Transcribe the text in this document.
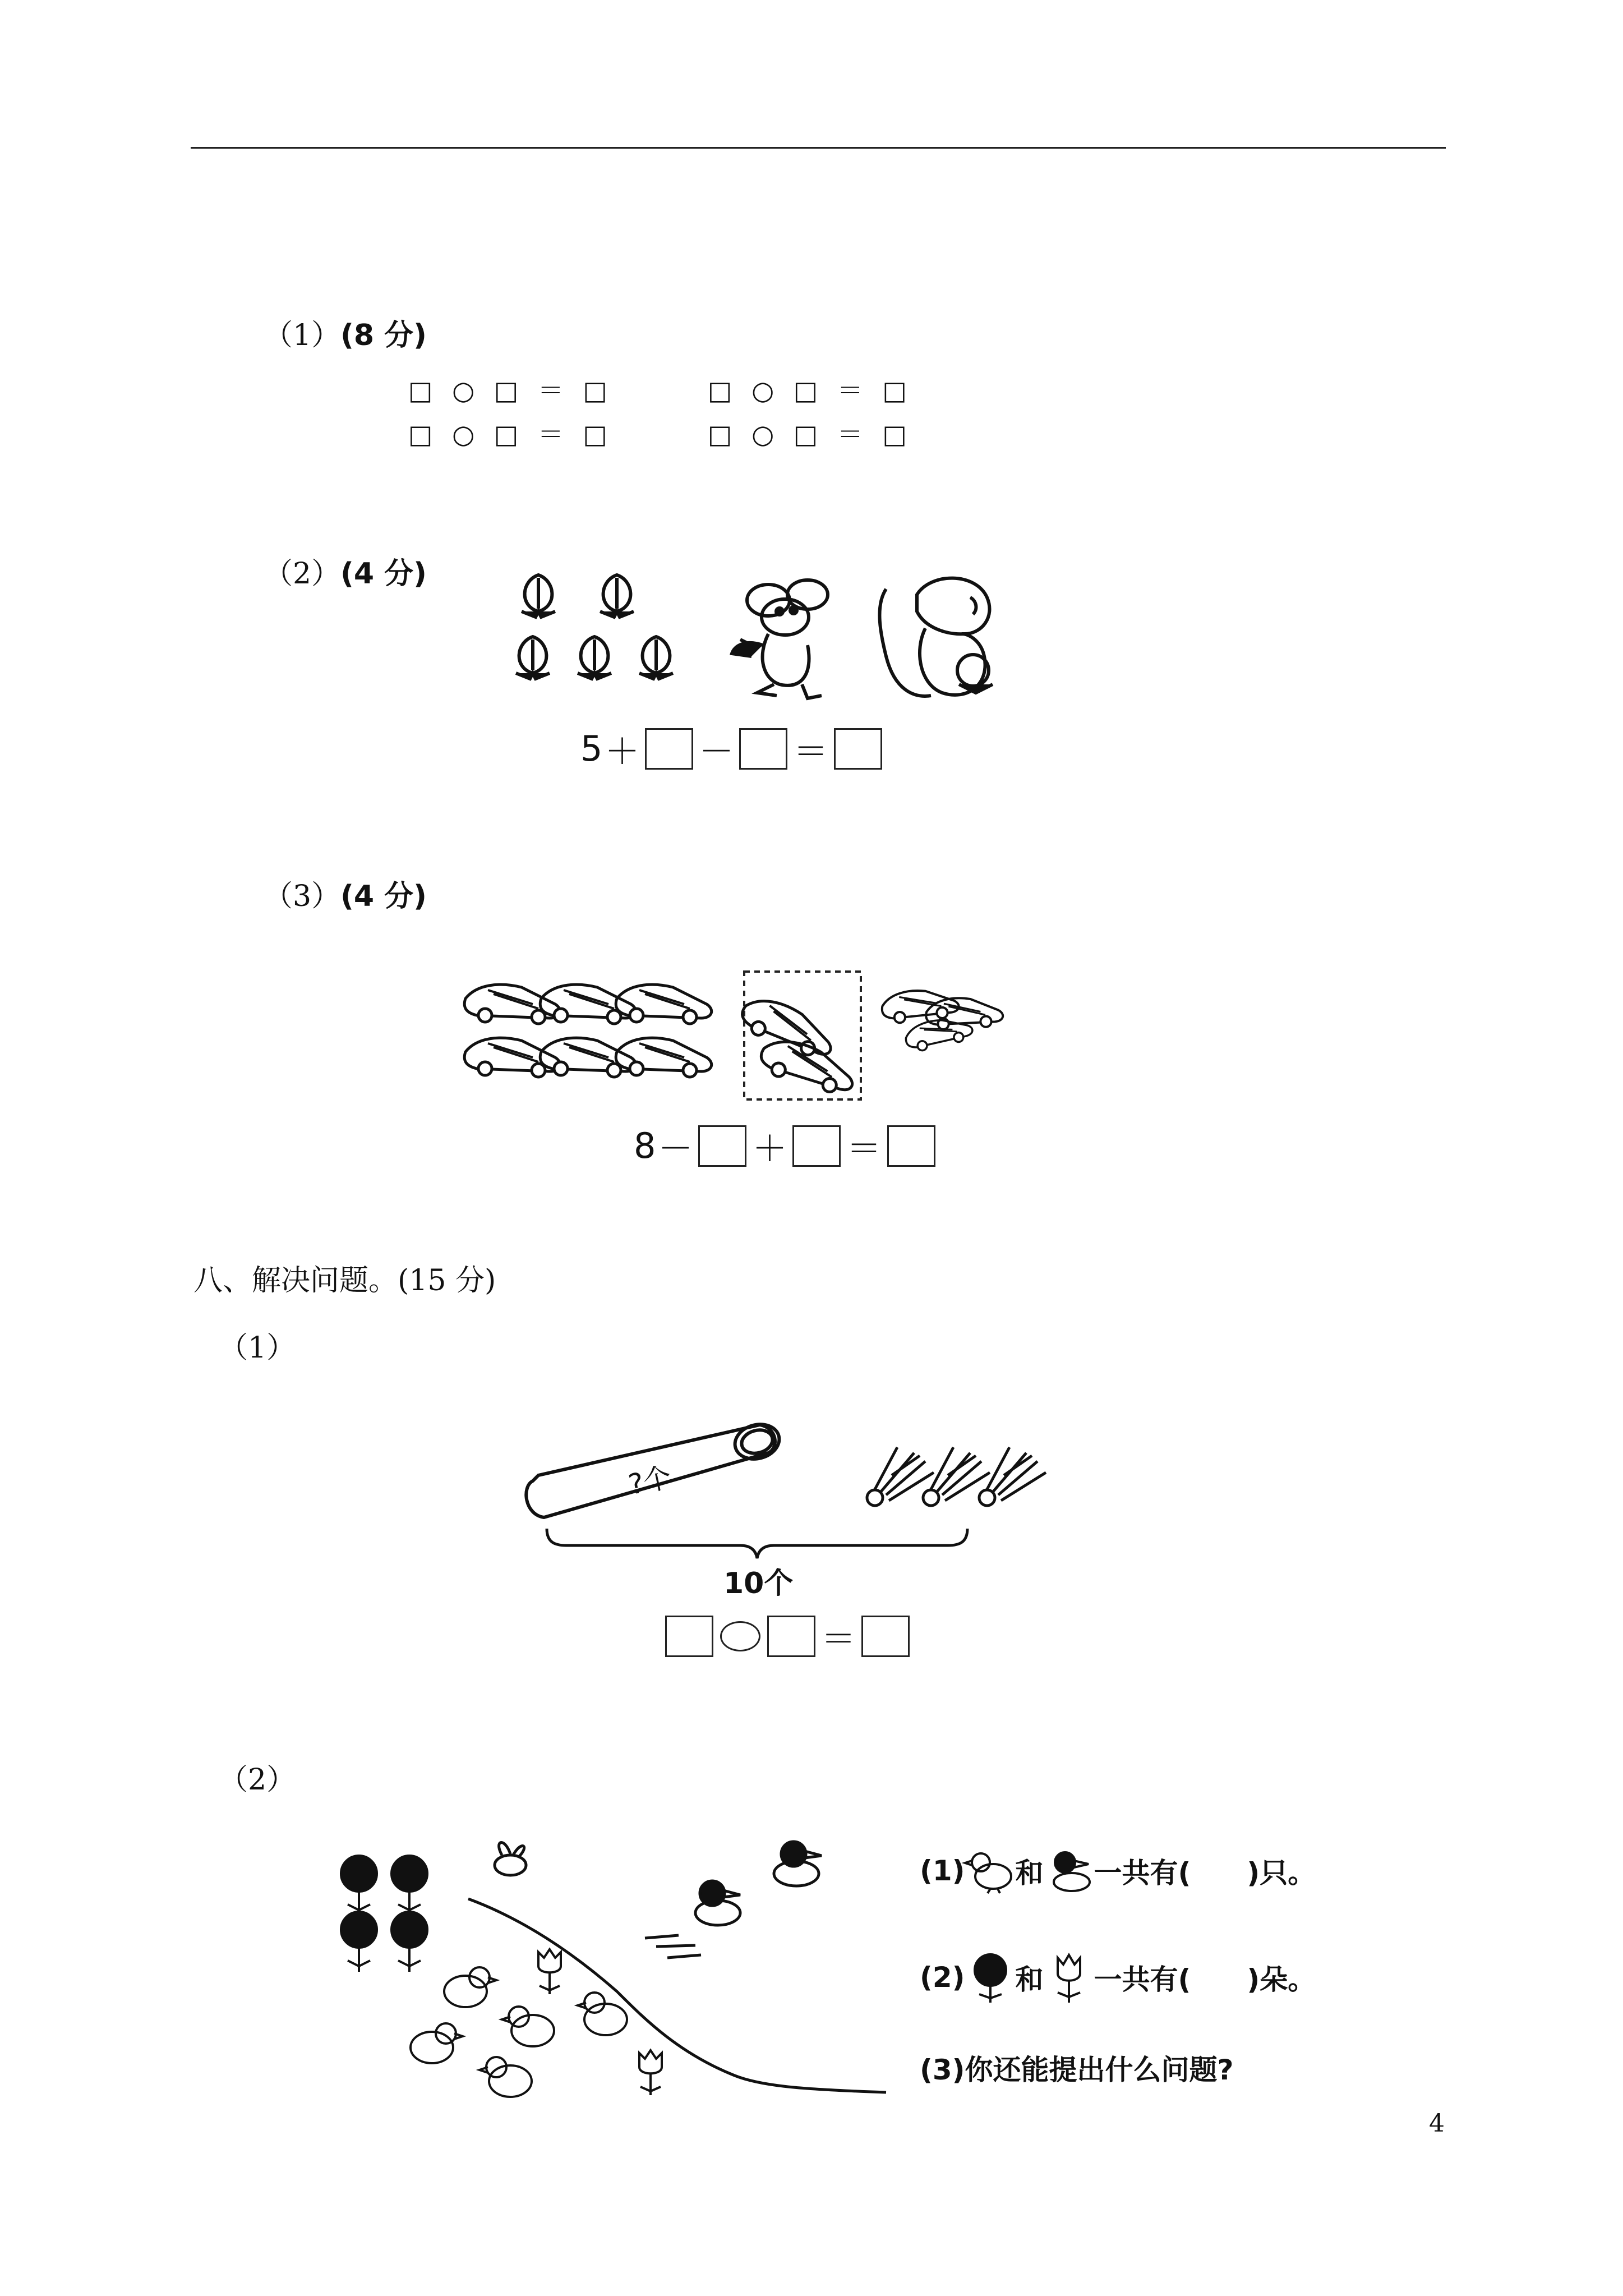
（1）(8 分)
□ ○ □ ＝ □	□ ○ □ ＝ □
□ ○ □ ＝ □	□ ○ □ ＝ □
（2）(4 分)
5 ＋ － ＝
（3）(4 分)
8 － ＋ ＝
八、解决问题。(15 分)
（1）
?个
10个
＝
（2）
(1) 和 一共有( )只。
(2) 和 一共有( )朵。
(3)你还能提出什么问题?
4
